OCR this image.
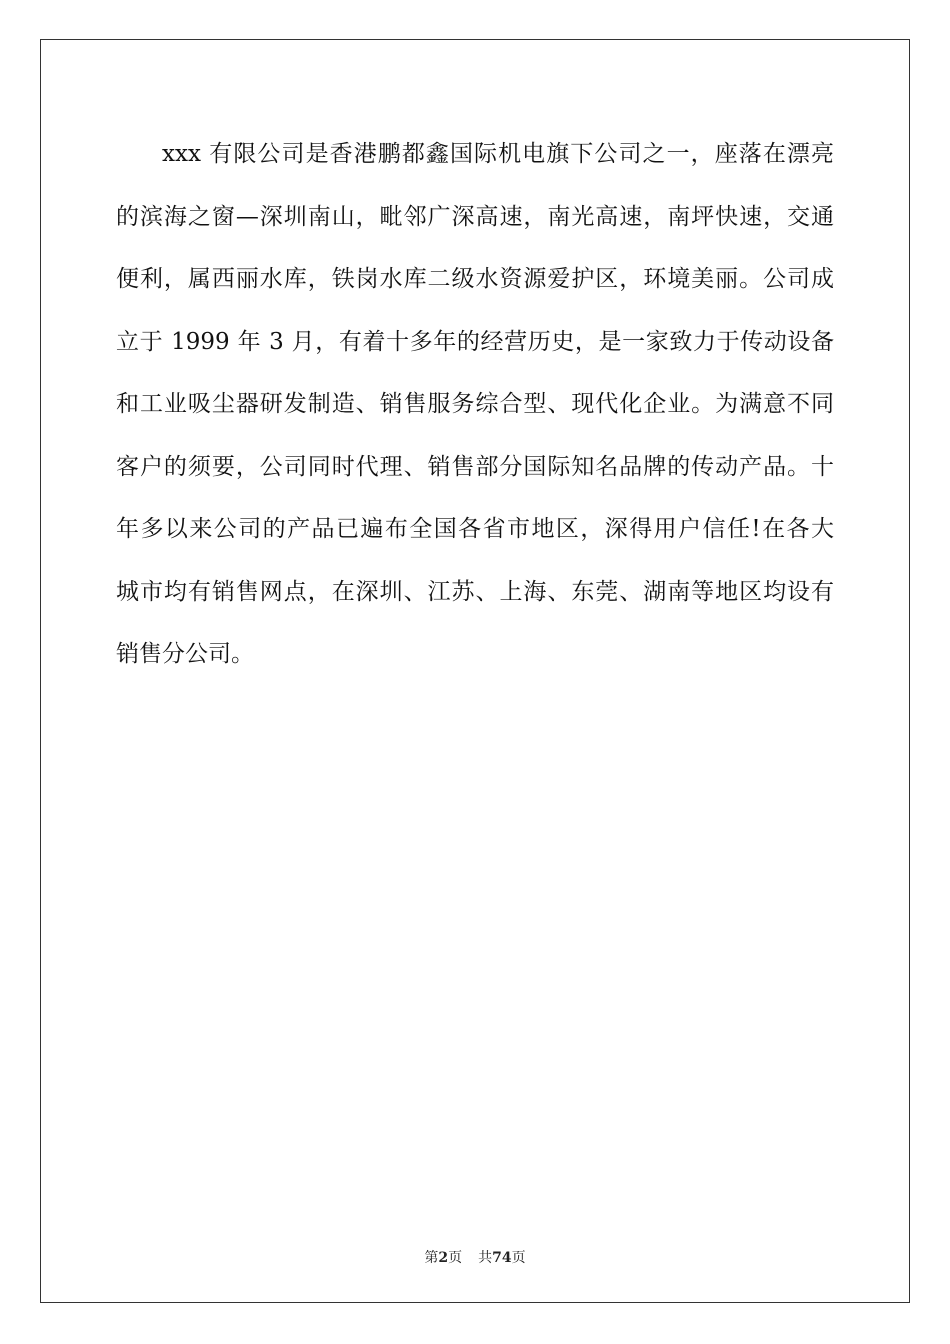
xxx 有限公司是香港鹏都鑫国际机电旗下公司之一，座落在漂亮
的滨海之窗—深圳南山，毗邻广深高速，南光高速，南坪快速，交通
便利，属西丽水库，铁岗水库二级水资源爱护区，环境美丽。公司成
立于 1999 年 3 月，有着十多年的经营历史，是一家致力于传动设备
和工业吸尘器研发制造、销售服务综合型、现代化企业。为满意不同
客户的须要，公司同时代理、销售部分国际知名品牌的传动产品。十
年多以来公司的产品已遍布全国各省市地区，深得用户信任!在各大
城市均有销售网点，在深圳、江苏、上海、东莞、湖南等地区均设有
销售分公司。
第2页 共74页
